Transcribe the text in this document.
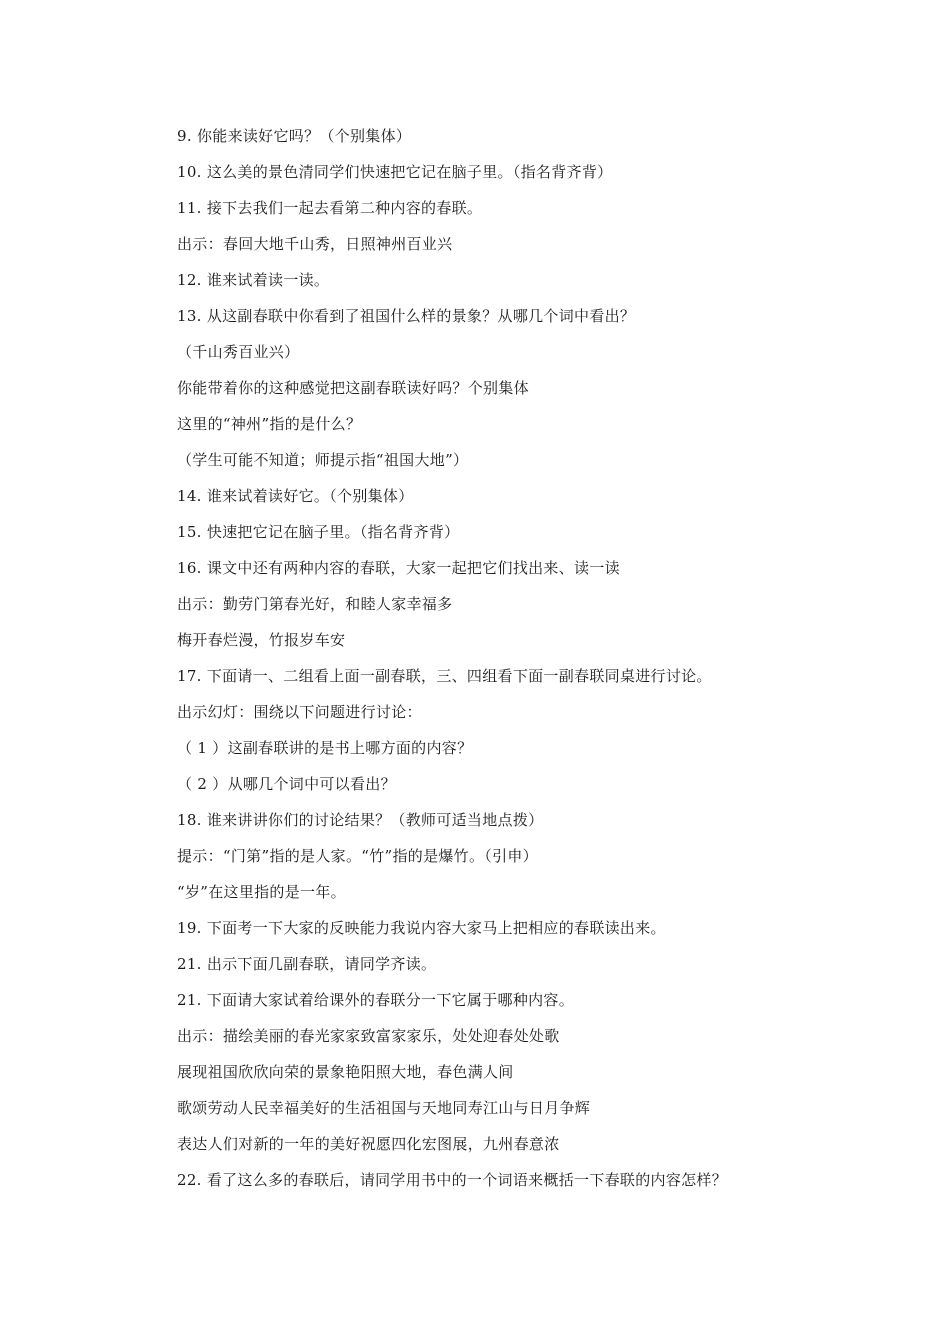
9. 你能来读好它吗？（个别集体）
10. 这么美的景色清同学们快速把它记在脑子里。（指名背齐背）
11. 接下去我们一起去看第二种内容的春联。
出示：春回大地千山秀，日照神州百业兴
12. 谁来试着读一读。
13. 从这副春联中你看到了祖国什么样的景象？从哪几个词中看出？
（千山秀百业兴）
你能带着你的这种感觉把这副春联读好吗？个别集体
这里的“神州”指的是什么？
（学生可能不知道；师提示指“祖国大地”）
14. 谁来试着读好它。（个别集体）
15. 快速把它记在脑子里。（指名背齐背）
16. 课文中还有两种内容的春联，大家一起把它们找出来、读一读
出示：勤劳门第春光好，和睦人家幸福多
梅开春烂漫，竹报岁车安
17. 下面请一、二组看上面一副春联，三、四组看下面一副春联同桌进行讨论。
出示幻灯：围绕以下问题进行讨论：
（ 1 ）这副春联讲的是书上哪方面的内容？
（ 2 ）从哪几个词中可以看出？
18. 谁来讲讲你们的讨论结果？（教师可适当地点拨）
提示：“门第”指的是人家。“竹”指的是爆竹。（引申）
“岁”在这里指的是一年。
19. 下面考一下大家的反映能力我说内容大家马上把相应的春联读出来。
21. 出示下面几副春联，请同学齐读。
21. 下面请大家试着给课外的春联分一下它属于哪种内容。
出示：描绘美丽的春光家家致富家家乐，处处迎春处处歌
展现祖国欣欣向荣的景象艳阳照大地，春色满人间
歌颂劳动人民幸福美好的生活祖国与天地同寿江山与日月争辉
表达人们对新的一年的美好祝愿四化宏图展，九州春意浓
22. 看了这么多的春联后，请同学用书中的一个词语来概括一下春联的内容怎样？
